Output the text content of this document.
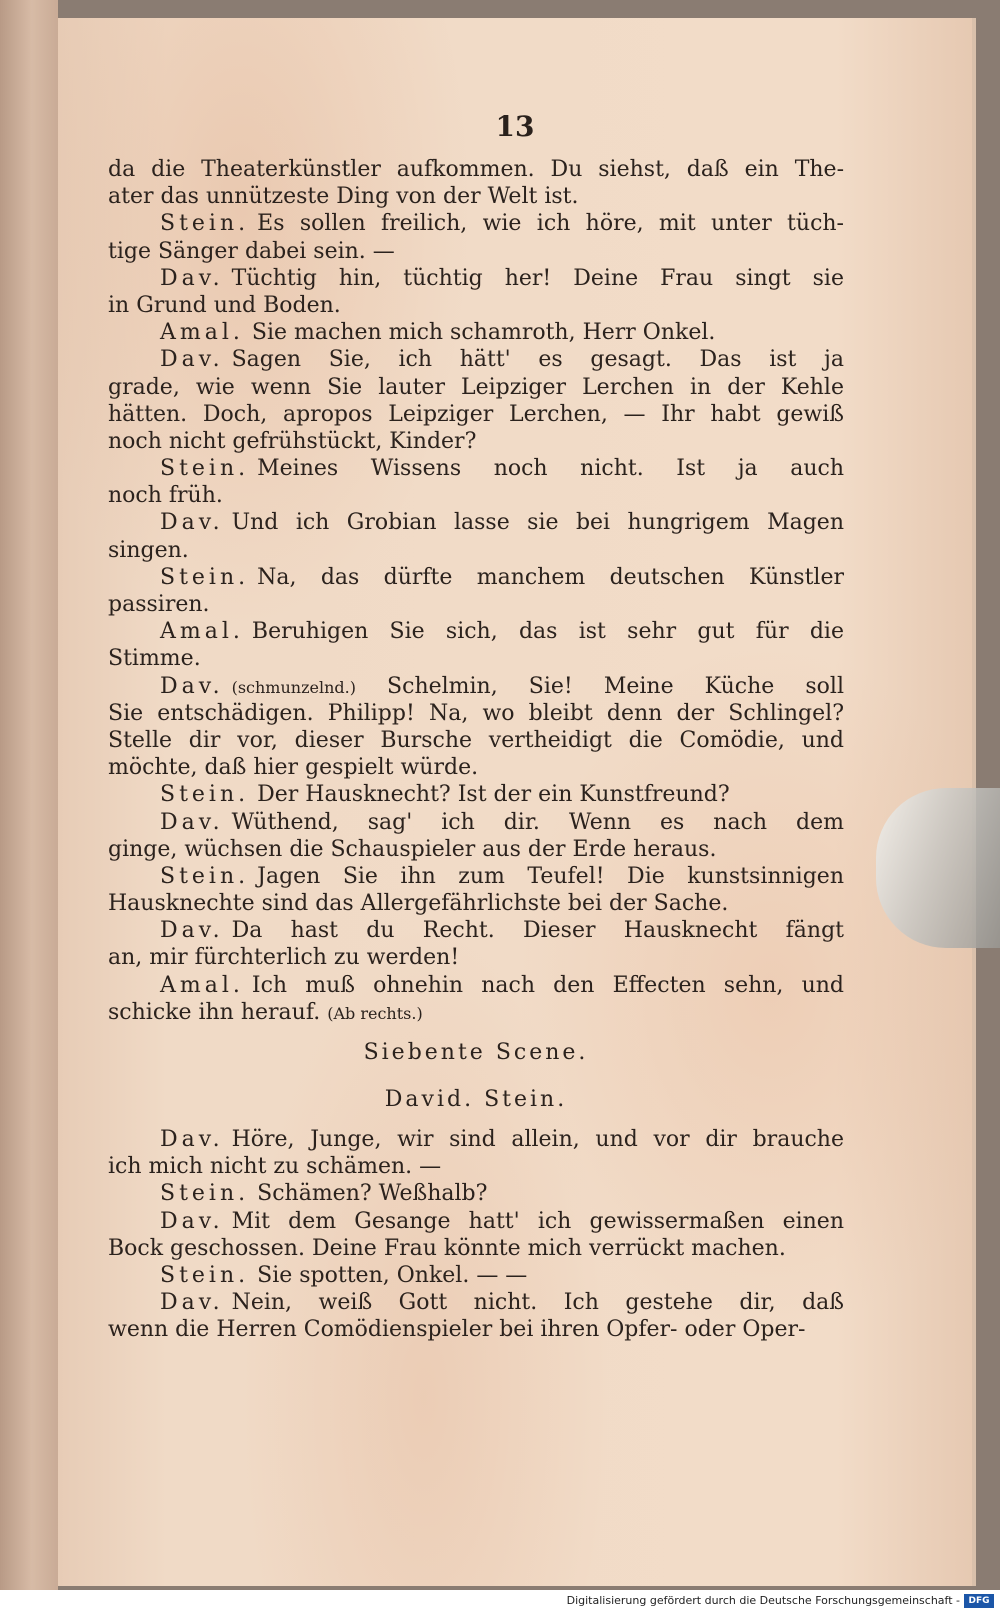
13
da die Theaterkünstler aufkommen. Du siehst, daß ein The-
ater das unnützeste Ding von der Welt ist.
Stein. Es sollen freilich, wie ich höre, mit unter tüch-
tige Sänger dabei sein. —
Dav. Tüchtig hin, tüchtig her! Deine Frau singt sie
in Grund und Boden.
Amal. Sie machen mich schamroth, Herr Onkel.
Dav. Sagen Sie, ich hätt' es gesagt. Das ist ja
grade, wie wenn Sie lauter Leipziger Lerchen in der Kehle
hätten. Doch, apropos Leipziger Lerchen, — Ihr habt gewiß
noch nicht gefrühstückt, Kinder?
Stein. Meines Wissens noch nicht. Ist ja auch
noch früh.
Dav. Und ich Grobian lasse sie bei hungrigem Magen
singen.
Stein. Na, das dürfte manchem deutschen Künstler
passiren.
Amal. Beruhigen Sie sich, das ist sehr gut für die
Stimme.
Dav. (schmunzelnd.) Schelmin, Sie! Meine Küche soll
Sie entschädigen. Philipp! Na, wo bleibt denn der Schlingel?
Stelle dir vor, dieser Bursche vertheidigt die Comödie, und
möchte, daß hier gespielt würde.
Stein. Der Hausknecht? Ist der ein Kunstfreund?
Dav. Wüthend, sag' ich dir. Wenn es nach dem
ginge, wüchsen die Schauspieler aus der Erde heraus.
Stein. Jagen Sie ihn zum Teufel! Die kunstsinnigen
Hausknechte sind das Allergefährlichste bei der Sache.
Dav. Da hast du Recht. Dieser Hausknecht fängt
an, mir fürchterlich zu werden!
Amal. Ich muß ohnehin nach den Effecten sehn, und
schicke ihn herauf. (Ab rechts.)
Siebente Scene.
David. Stein.
Dav. Höre, Junge, wir sind allein, und vor dir brauche
ich mich nicht zu schämen. —
Stein. Schämen? Weßhalb?
Dav. Mit dem Gesange hatt' ich gewissermaßen einen
Bock geschossen. Deine Frau könnte mich verrückt machen.
Stein. Sie spotten, Onkel. — —
Dav. Nein, weiß Gott nicht. Ich gestehe dir, daß
wenn die Herren Comödienspieler bei ihren Opfer- oder Oper-
Digitalisierung gefördert durch die Deutsche Forschungsgemeinschaft - DFG
